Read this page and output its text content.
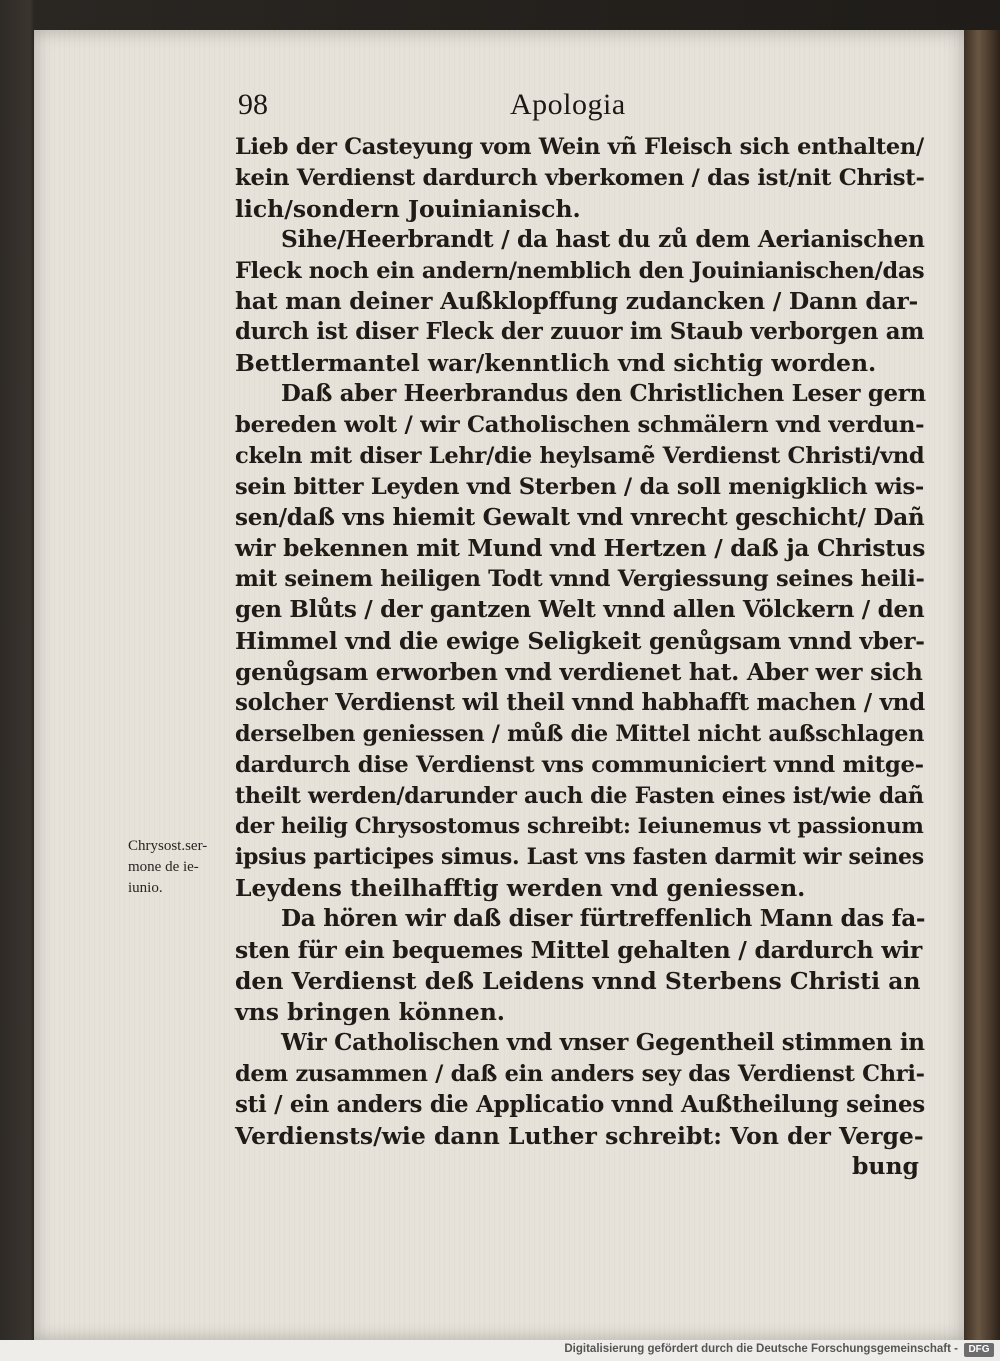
98	Apologia
Lieb der Casteyung vom Wein vñ Fleisch sich enthalten/
kein Verdienst dardurch vberkomen / das ist/nit Christ-
lich/sondern Jouinianisch.
Sihe/Heerbrandt / da hast du zů dem Aerianischen
Fleck noch ein andern/nemblich den Jouinianischen/das
hat man deiner Außklopffung zudancken / Dann dar-
durch ist diser Fleck der zuuor im Staub verborgen am
Bettlermantel war/kenntlich vnd sichtig worden.
Daß aber Heerbrandus den Christlichen Leser gern
bereden wolt / wir Catholischen schmälern vnd verdun-
ckeln mit diser Lehr/die heylsamẽ Verdienst Christi/vnd
sein bitter Leyden vnd Sterben / da soll menigklich wis-
sen/daß vns hiemit Gewalt vnd vnrecht geschicht/ Dañ
wir bekennen mit Mund vnd Hertzen / daß ja Christus
mit seinem heiligen Todt vnnd Vergiessung seines heili-
gen Blůts / der gantzen Welt vnnd allen Völckern / den
Himmel vnd die ewige Seligkeit genůgsam vnnd vber-
genůgsam erworben vnd verdienet hat. Aber wer sich
solcher Verdienst wil theil vnnd habhafft machen / vnd
derselben geniessen / můß die Mittel nicht außschlagen
dardurch dise Verdienst vns communiciert vnnd mitge-
theilt werden/darunder auch die Fasten eines ist/wie dañ
der heilig Chrysostomus schreibt: Ieiunemus vt passionum
ipsius participes simus. Last vns fasten darmit wir seines
Leydens theilhafftig werden vnd geniessen.
Da hören wir daß diser fürtreffenlich Mann das fa-
sten für ein bequemes Mittel gehalten / dardurch wir
den Verdienst deß Leidens vnnd Sterbens Christi an
vns bringen können.
Wir Catholischen vnd vnser Gegentheil stimmen in
dem zusammen / daß ein anders sey das Verdienst Chri-
sti / ein anders die Applicatio vnnd Außtheilung seines
Verdiensts/wie dann Luther schreibt: Von der Verge-
bung
Chrysost.ser-
mone de ie-
iunio.
Digitalisierung gefördert durch die Deutsche Forschungsgemeinschaft -	DFG
